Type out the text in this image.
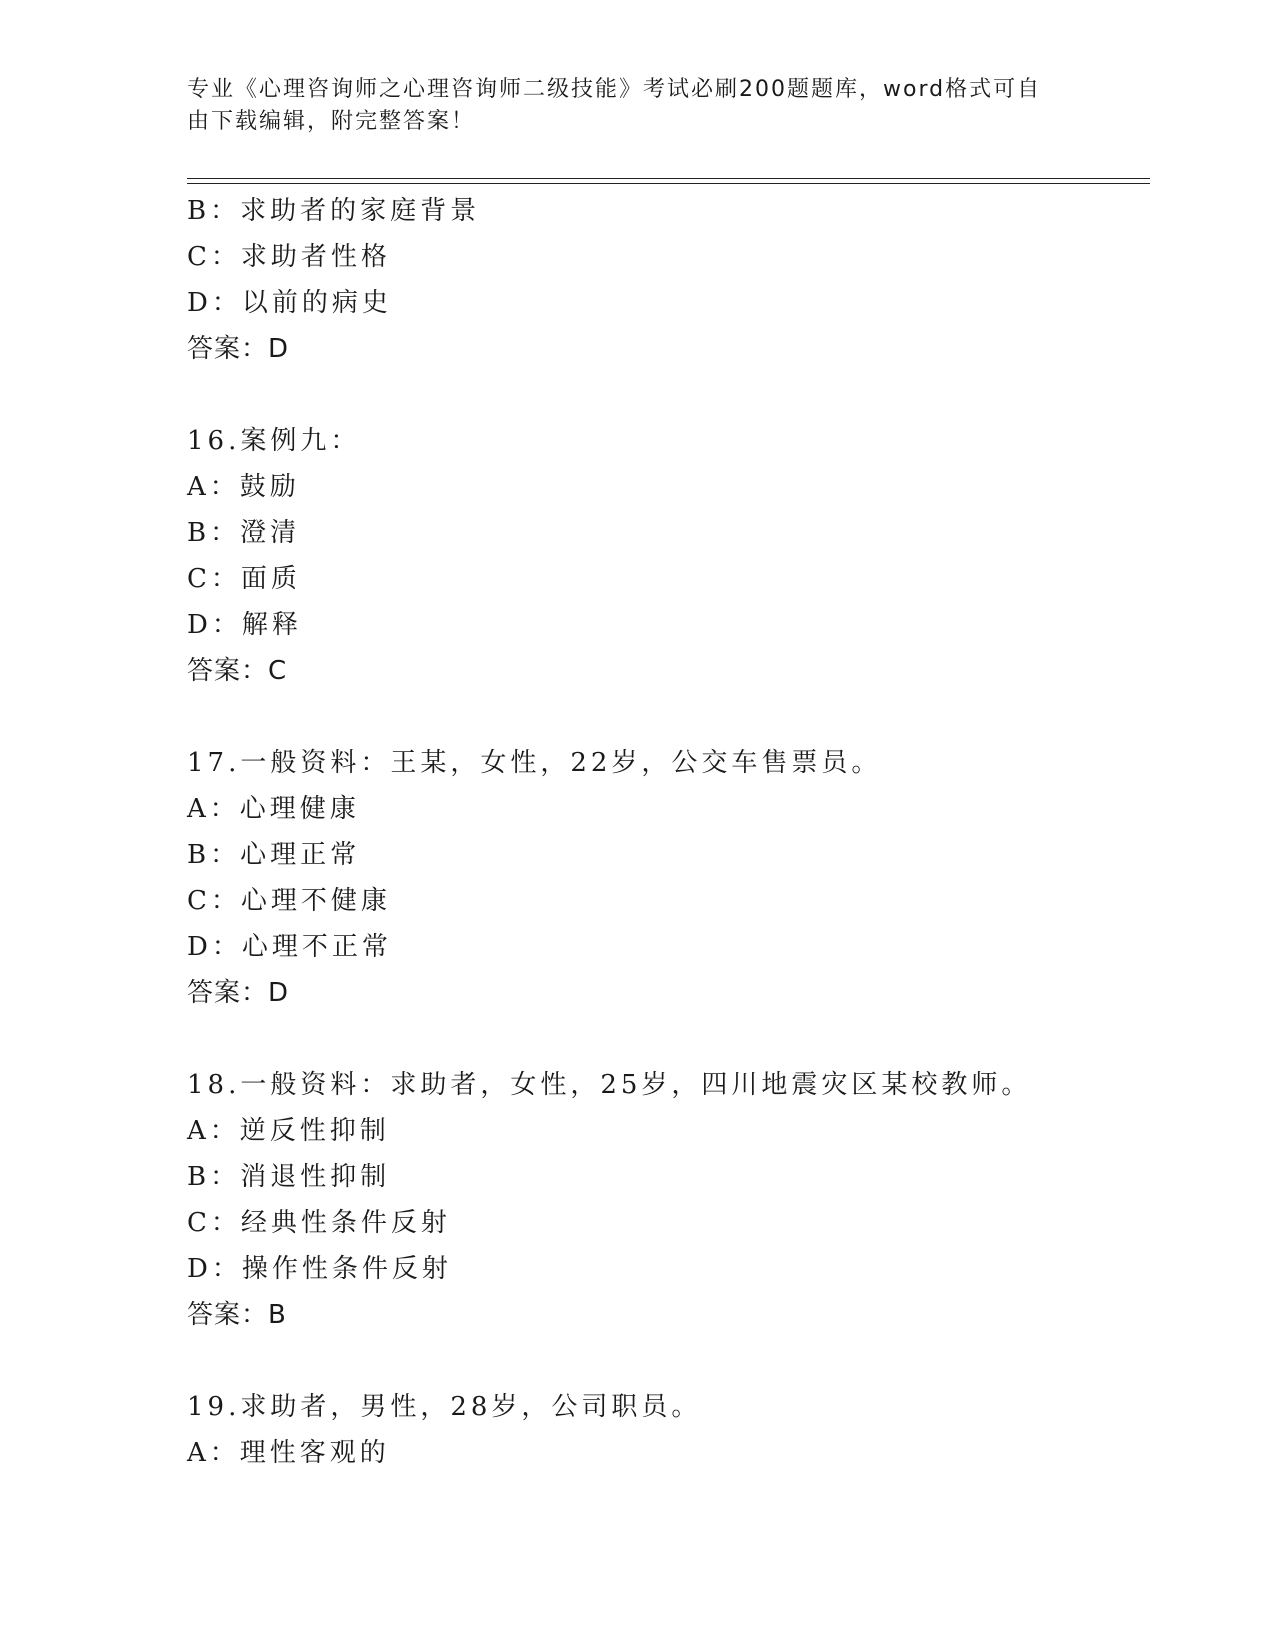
专业《心理咨询师之心理咨询师二级技能》考试必刷200题题库，word格式可自
由下载编辑，附完整答案！
B：求助者的家庭背景
C：求助者性格
D：以前的病史
答案：D
16.案例九：
A：鼓励
B：澄清
C：面质
D：解释
答案：C
17.一般资料：王某，女性，22岁，公交车售票员。
A：心理健康
B：心理正常
C：心理不健康
D：心理不正常
答案：D
18.一般资料：求助者，女性，25岁，四川地震灾区某校教师。
A：逆反性抑制
B：消退性抑制
C：经典性条件反射
D：操作性条件反射
答案：B
19.求助者，男性，28岁，公司职员。
A：理性客观的
